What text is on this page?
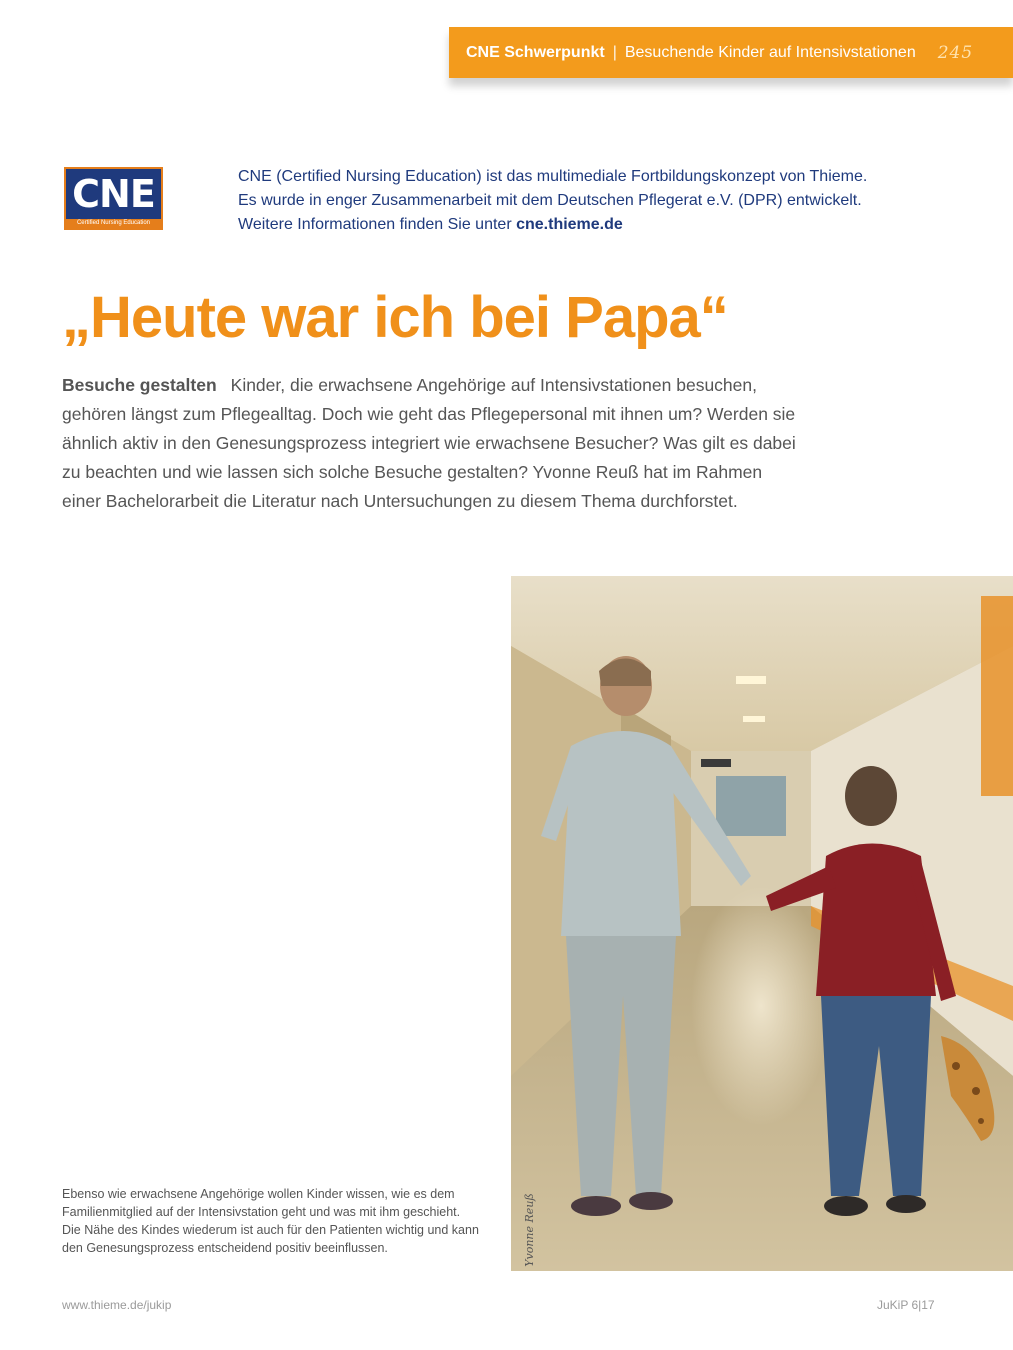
CNE Schwerpunkt | Besuchende Kinder auf Intensivstationen 245
CNE
Certified Nursing Education

CNE (Certified Nursing Education) ist das multimediale Fortbildungskonzept von Thieme.

Es wurde in enger Zusammenarbeit mit dem Deutschen Pflegerat e.V. (DPR) entwickelt.

Weitere Informationen finden Sie unter cne.thieme.de

„Heute war ich bei Papa“

Besuche gestalten Kinder, die erwachsene Angehörige auf Intensivstationen besuchen, gehören längst zum Pflegealltag. Doch wie geht das Pflegepersonal mit ihnen um? Werden sie ähnlich aktiv in den Genesungsprozess integriert wie erwachsene Besucher? Was gilt es dabei zu beachten und wie lassen sich solche Besuche gestalten? Yvonne Reuß hat im Rahmen einer Bachelorarbeit die Literatur nach Untersuchungen zu diesem Thema durchforstet.

Yvonne Reuß

Ebenso wie erwachsene Angehörige wollen Kinder wissen, wie es dem Familienmitglied auf der Intensivstation geht und was mit ihm geschieht. Die Nähe des Kindes wiederum ist auch für den Patienten wichtig und kann den Genesungsprozess entscheidend positiv beeinflussen.

www.thieme.de/jukip	JuKiP 6|17
